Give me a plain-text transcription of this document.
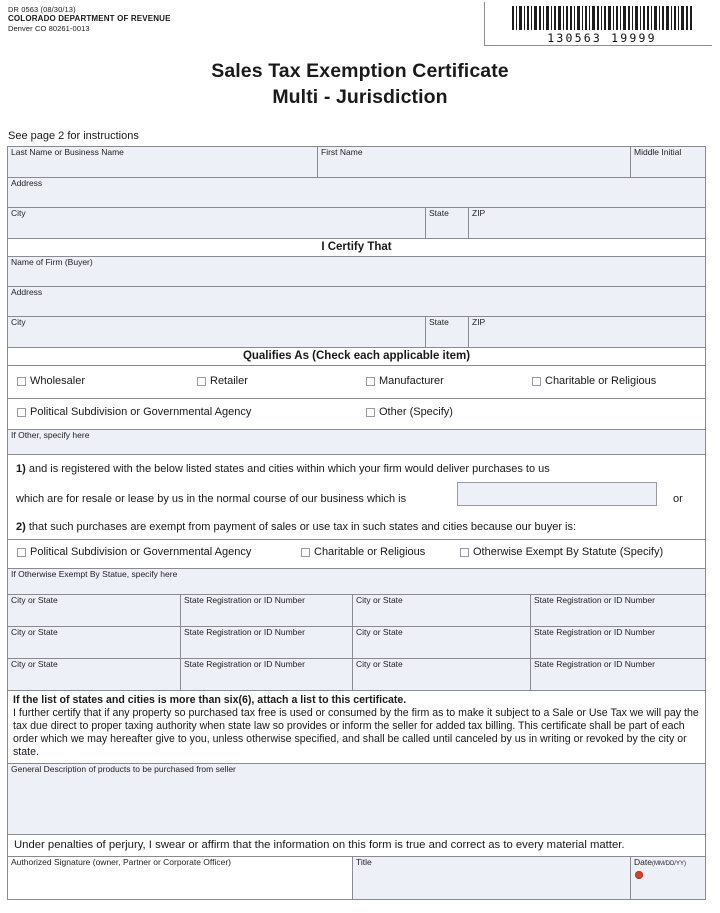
DR 0563 (08/30/13)
COLORADO DEPARTMENT OF REVENUE
Denver CO 80261-0013
130563 19999
Sales Tax Exemption Certificate
Multi - Jurisdiction
See page 2 for instructions
Last Name or Business Name	First Name	Middle Initial
Address
City	State	ZIP
I Certify That
Name of Firm (Buyer)
Address
City	State	ZIP
Qualifies As (Check each applicable item)
Wholesaler	Retailer	Manufacturer	Charitable or Religious
Political Subdivision or Governmental Agency	Other (Specify)
If Other, specify here
1) and is registered with the below listed states and cities within which your firm would deliver purchases to us
which are for resale or lease by us in the normal course of our business which is	or
2) that such purchases are exempt from payment of sales or use tax in such states and cities because our buyer is:
Political Subdivision or Governmental Agency	Charitable or Religious	Otherwise Exempt By Statute (Specify)
If Otherwise Exempt By Statue, specify here
City or State	State Registration or ID Number	City or State	State Registration or ID Number
City or State	State Registration or ID Number	City or State	State Registration or ID Number
City or State	State Registration or ID Number	City or State	State Registration or ID Number
If the list of states and cities is more than six(6), attach a list to this certificate.
I further certify that if any property so purchased tax free is used or consumed by the firm as to make it subject to a Sale or Use Tax we will pay the tax due direct to proper taxing authority when state law so provides or inform the seller for added tax billing. This certificate shall be part of each order which we may hereafter give to you, unless otherwise specified, and shall be called until canceled by us in writing or revoked by the city or state.
General Description of products to be purchased from seller
Under penalties of perjury, I swear or affirm that the information on this form is true and correct as to every material matter.
Authorized Signature (owner, Partner or Corporate Officer)	Title	Date(MM/DD/YY)
